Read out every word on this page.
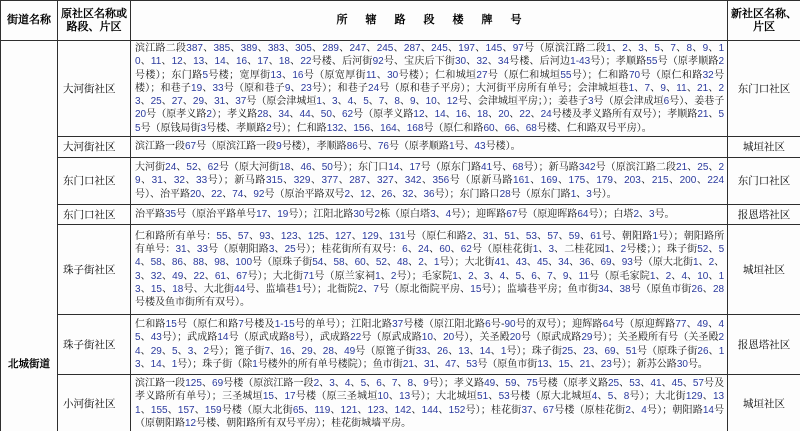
街道名称	原社区名称或路段、片区	所辖路段楼牌号	新社区名称、片区

北城街道	大河街社区	滨江路二段387、385、389、383、305、289、247、245、287、245、197、145、97号（原滨江路二段1、2、3、5、7、8、9、10、11、12、13、14、16、17、18、22号楼、后河街92号、宝庆后下街30、32、34号楼、后河边1-43号）；孝顺路55号（原孝顺路2号楼）；东门路5号楼；宽厚街13、16号（原宽厚街11、30号楼）；仁和城垣27号（原仁和城垣55号）；仁和路70号（原仁和路32号楼）；和巷子19、33号（原和巷子9、23号）；和巷子24号（原和巷子平房）；大河街平房所有单号；会津城垣巷1、7、9、11、21、23、25、27、29、31、37号（原会津城垣1、3、4、5、7、8、9、10、12号、会津城垣平房；）；姜巷子3号（原会津成垣6号）、姜巷子20号（原孝义路2）；孝义路28、34、44、50、62号（原孝义路12、14、16、18、20、22、24号楼及孝义路所有双号）；孝顺路21、55号（原钱局街3号楼、孝顺路2号）；仁和路132、156、164、168号（原仁和路60、66、68号楼、仁和路双号平房）。	东门口社区

	大河街社区	滨江路一段67号（原滨江路一段9号楼），孝顺路86号、76号（原孝顺路1号、43号楼）。	城垣社区

	东门口社区	大河街24、52、62号（原大河街18、46、50号）；东门口14、17号（原东门路41号、68号）；新马路342号（原滨江路二段21、25、29、31、32、33号）；新马路315、329、377、287、327、342、356号（原新马路161、169、175、179、203、215、200、224号）、治平路20、22、74、92号（原治平路双号2、12、26、32、36号）；东门路口28号（原东门路1、3号）。	东门口社区

	东门口社区	治平路35号（原治平路单号17、19号）；江阳北路30号2栋（原白塔3、4号）；迎晖路67号（原迎晖路64号）；白塔2、3号。	报恩塔社区

	珠子街社区	仁和路所有单号：55、57、93、123、125、127、129、131号（原仁和路2、31、51、53、57、59、61号、朝阳路1号）；朝阳路所有单号：31、33号（原朝阳路3、25号）；桂花街所有双号：6、24、60、62号（原桂花街1、3、二桂花园1、2号楼；）；珠子街52、54、58、86、88、98、100号（原珠子街54、58、60、52、48、2、1号）；大北街41、43、45、34、36、69、93号（原大北街1、2、3、32、49、22、61、67号）；大北街71号（原兰家祠1、2号）；毛家院1、2、3、4、5、6、7、9、11号（原毛家院1、2、4、10、13、15、18号、大北街44号、监墙巷1号）；北衙院2、7号（原北衙院平房、15号）；监墙巷平房；鱼市街34、38号（原鱼市街26、28号楼及鱼市街所有双号）。	城垣社区

	珠子街社区	仁和路15号（原仁和路7号楼及1-15号的单号）；江阳北路37号楼（原江阳北路6号-90号的双号）；迎辉路64号（原迎辉路77、49、45、43号）；武成路14号（原武成路8号），武成路22号（原武成路10、20号），关圣殿20号（原武成路29号）；关圣殿所有号（关圣殿24、29、5、3、2号）；篦子街7、16、29、28、49号（原篦子街33、26、13、14、1号）；珠子街25、23、69、51号（原珠子街26、13、14、1号）；珠子街（除1号楼外的所有单号楼院）；鱼市街21、31、47、53号（原鱼市街13、15、21、23号）；新苏公路30号。	报恩塔社区

	小河街社区	滨江路一段125、69号楼（原滨江路一段2、3、4、5、6、7、8、9号）；孝义路49、59、75号楼（原孝义路25、53、41、45、57号及孝义路所有单号）；三圣城垣15、17号楼（原三圣城垣10、13号）；大北城垣51、53号楼（原大北城垣4、5、8号）；大北街129、131、155、157、159号楼（原大北街65、119、121、123、142、144、152号）；桂花街37、67号楼（原桂花街2、4号）；朝阳路14号（原朝阳路12号楼、朝阳路所有双号平房）；桂花街城墙平房。	城垣社区
